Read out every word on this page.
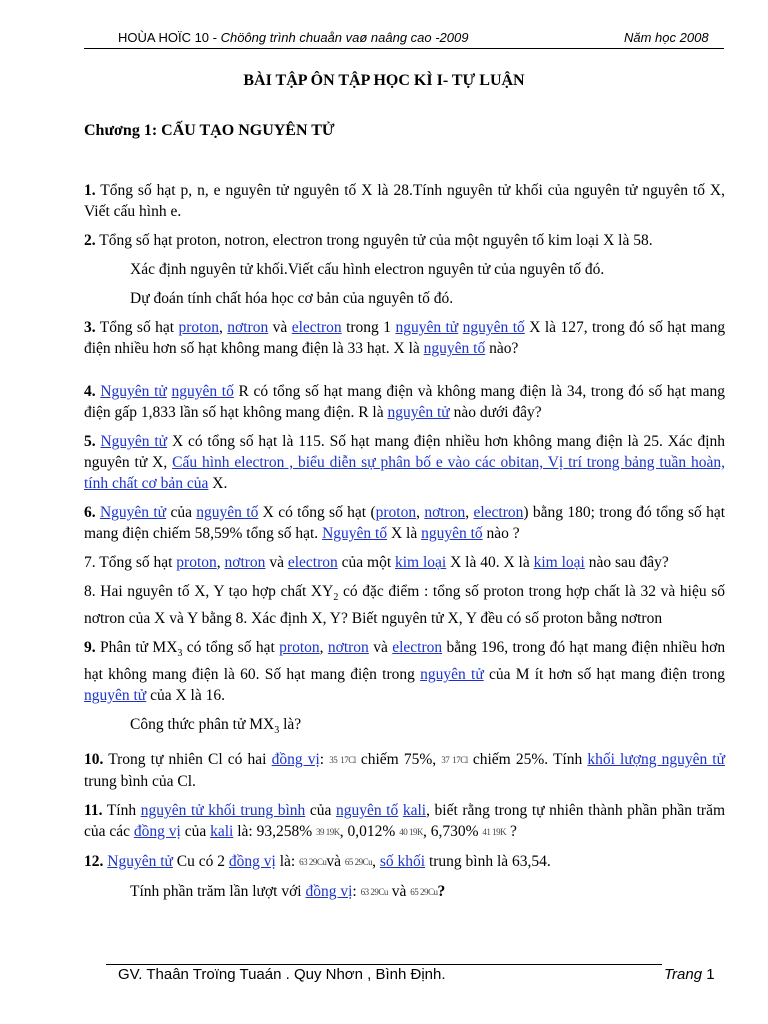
HOÙA HOÏC 10 - Chöông trình chuaån vaø naâng cao -2009	Năm học 2008
BÀI TẬP ÔN TẬP HỌC KÌ I- TỰ LUẬN
Chương 1: CẤU TẠO NGUYÊN TỬ

1. Tổng số hạt p, n, e nguyên tử nguyên tố X là 28.Tính nguyên tử khối của nguyên tử nguyên tố X, Viết cấu hình e.

2. Tổng số hạt proton, notron, electron trong nguyên tử của một nguyên tố kim loại X là 58.

Xác định nguyên tử khối.Viết cấu hình electron nguyên tử của nguyên tố đó.

Dự đoán tính chất hóa học cơ bản của nguyên tố đó.

3. Tổng số hạt proton, nơtron và electron trong 1 nguyên tử nguyên tố X là 127, trong đó số hạt mang điện nhiều hơn số hạt không mang điện là 33 hạt. X là nguyên tố nào?

4. Nguyên tử nguyên tố R có tổng số hạt mang điện và không mang điện là 34, trong đó số hạt mang điện gấp 1,833 lần số hạt không mang điện. R là nguyên tử nào dưới đây?

5. Nguyên tử X có tổng số hạt là 115. Số hạt mang điện nhiều hơn không mang điện là 25. Xác định nguyên tử X, Cấu hình electron , biểu diễn sự phân bố e vào các obitan, Vị trí trong bảng tuần hoàn, tính chất cơ bản của X.

6. Nguyên tử của nguyên tố X có tổng số hạt (proton, nơtron, electron) bằng 180; trong đó tổng số hạt mang điện chiếm 58,59% tổng số hạt. Nguyên tố X là nguyên tố nào ?

7. Tổng số hạt proton, nơtron và electron của một kim loại X là 40. X là kim loại nào sau đây?

8. Hai nguyên tố X, Y tạo hợp chất $XY_2$ có đặc điểm : tổng số proton trong hợp chất là 32 và hiệu số nơtron của X và Y bằng 8. Xác định X, Y? Biết nguyên tử X, Y đều có số proton bằng nơtron

9. Phân tử $MX_3$ có tổng số hạt proton, nơtron và electron bằng 196, trong đó hạt mang điện nhiều hơn hạt không mang điện là 60. Số hạt mang điện trong nguyên tử của M ít hơn số hạt mang điện trong nguyên tử của X là 16.

Công thức phân tử $MX_3$ là?

10. Trong tự nhiên Cl có hai đồng vị: 35 17Cl chiếm 75%, 37 17Cl chiếm 25%. Tính khối lượng nguyên tử trung bình của Cl.

11. Tính nguyên tử khối trung bình của nguyên tố kali, biết rằng trong tự nhiên thành phần phần trăm của các đồng vị của kali là: 93,258% 39 19K, 0,012% 40 19K, 6,730% 41 19K ?

12. Nguyên tử Cu có 2 đồng vị là: 63 29Cuvà 65 29Cu, số khối trung bình là 63,54.

Tính phần trăm lần lượt với đồng vị: 63 29Cu và 65 29Cu?

GV. Thaân Troïng Tuaán . Quy Nhơn , Bình Định.	Trang 1
